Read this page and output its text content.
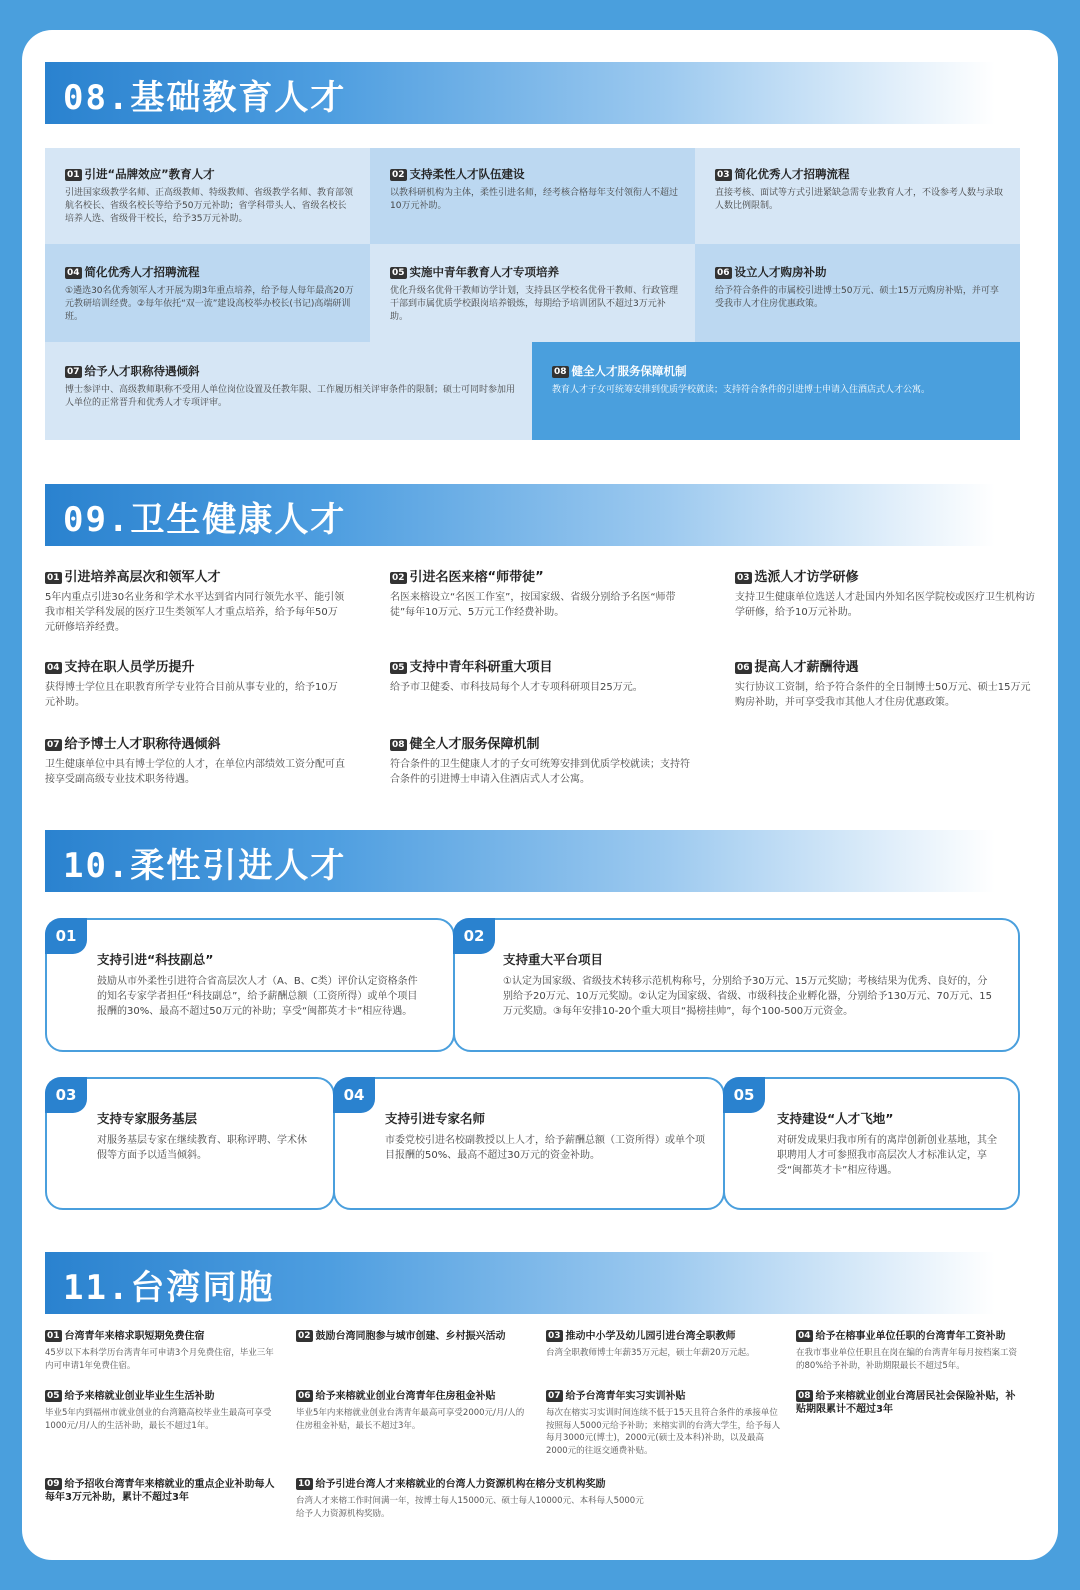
08.基础教育人才
01 引进“品牌效应”教育人才
引进国家级教学名师、正高级教师、特级教师、省级教学名师、教育部领航名校长、省级名校长等给予50万元补助；省学科带头人、省级名校长培养人选、省级骨干校长，给予35万元补助。
02 支持柔性人才队伍建设
以教科研机构为主体，柔性引进名师，经考核合格每年支付领衔人不超过10万元补助。
03 简化优秀人才招聘流程
直接考核、面试等方式引进紧缺急需专业教育人才，不设参考人数与录取人数比例限制。
04 简化优秀人才招聘流程
①遴选30名优秀领军人才开展为期3年重点培养，给予每人每年最高20万元教研培训经费。②每年依托“双一流”建设高校举办校长(书记)高端研训班。
05 实施中青年教育人才专项培养
优化升级名优骨干教师访学计划，支持县区学校名优骨干教师、行政管理干部到市属优质学校跟岗培养锻炼，每期给予培训团队不超过3万元补助。
06 设立人才购房补助
给予符合条件的市属校引进博士50万元、硕士15万元购房补贴，并可享受我市人才住房优惠政策。
07 给予人才职称待遇倾斜
博士参评中、高级教师职称不受用人单位岗位设置及任教年限、工作履历相关评审条件的限制；硕士可同时参加用人单位的正常晋升和优秀人才专项评审。
08 健全人才服务保障机制
教育人才子女可统筹安排到优质学校就读；支持符合条件的引进博士申请入住酒店式人才公寓。
09.卫生健康人才
01 引进培养高层次和领军人才
5年内重点引进30名业务和学术水平达到省内同行领先水平、能引领我市相关学科发展的医疗卫生类领军人才重点培养，给予每年50万元研修培养经费。
02 引进名医来榕“师带徒”
名医来榕设立“名医工作室”，按国家级、省级分别给予名医“师带徒”每年10万元、5万元工作经费补助。
03 选派人才访学研修
支持卫生健康单位选送人才赴国内外知名医学院校或医疗卫生机构访学研修，给予10万元补助。
04 支持在职人员学历提升
获得博士学位且在职教育所学专业符合目前从事专业的，给予10万元补助。
05 支持中青年科研重大项目
给予市卫健委、市科技局每个人才专项科研项目25万元。
06 提高人才薪酬待遇
实行协议工资制，给予符合条件的全日制博士50万元、硕士15万元购房补助，并可享受我市其他人才住房优惠政策。
07 给予博士人才职称待遇倾斜
卫生健康单位中具有博士学位的人才，在单位内部绩效工资分配可直接享受副高级专业技术职务待遇。
08 健全人才服务保障机制
符合条件的卫生健康人才的子女可统筹安排到优质学校就读；支持符合条件的引进博士申请入住酒店式人才公寓。
10.柔性引进人才
01
支持引进“科技副总”
鼓励从市外柔性引进符合省高层次人才（A、B、C类）评价认定资格条件的知名专家学者担任“科技副总”，给予薪酬总额（工资所得）或单个项目报酬的30%、最高不超过50万元的补助；享受“闽都英才卡”相应待遇。
02
支持重大平台项目
①认定为国家级、省级技术转移示范机构称号，分别给予30万元、15万元奖励；考核结果为优秀、良好的，分别给予20万元、10万元奖励。②认定为国家级、省级、市级科技企业孵化器，分别给予130万元、70万元、15万元奖励。③每年安排10-20个重大项目“揭榜挂帅”，每个100-500万元资金。
03
支持专家服务基层
对服务基层专家在继续教育、职称评聘、学术休假等方面予以适当倾斜。
04
支持引进专家名师
市委党校引进名校副教授以上人才，给予薪酬总额（工资所得）或单个项目报酬的50%、最高不超过30万元的资金补助。
05
支持建设“人才飞地”
对研发成果归我市所有的离岸创新创业基地，其全职聘用人才可参照我市高层次人才标准认定，享受“闽都英才卡”相应待遇。
11.台湾同胞
01 台湾青年来榕求职短期免费住宿
45岁以下本科学历台湾青年可申请3个月免费住宿，毕业三年内可申请1年免费住宿。
02 鼓励台湾同胞参与城市创建、乡村振兴活动	03 推动中小学及幼儿园引进台湾全职教师
台湾全职教师博士年薪35万元起，硕士年薪20万元起。
04 给予在榕事业单位任职的台湾青年工资补助
在我市事业单位任职且在岗在编的台湾青年每月按档案工资的80%给予补助，补助期限最长不超过5年。
05 给予来榕就业创业毕业生生活补助
毕业5年内到福州市就业创业的台湾籍高校毕业生最高可享受1000元/月/人的生活补助，最长不超过1年。
06 给予来榕就业创业台湾青年住房租金补贴
毕业5年内来榕就业创业台湾青年最高可享受2000元/月/人的住房租金补贴，最长不超过3年。
07 给予台湾青年实习实训补贴
每次在榕实习实训时间连续不低于15天且符合条件的承接单位按照每人5000元给予补助；来榕实训的台湾大学生，给予每人每月3000元(博士)，2000元(硕士及本科)补助，以及最高2000元的往返交通费补贴。
08 给予来榕就业创业台湾居民社会保险补贴，补贴期限累计不超过3年
09 给予招收台湾青年来榕就业的重点企业补助每人每年3万元补助，累计不超过3年
10 给予引进台湾人才来榕就业的台湾人力资源机构在榕分支机构奖励
台湾人才来榕工作时间满一年，按博士每人15000元、硕士每人10000元、本科每人5000元给予人力资源机构奖励。
